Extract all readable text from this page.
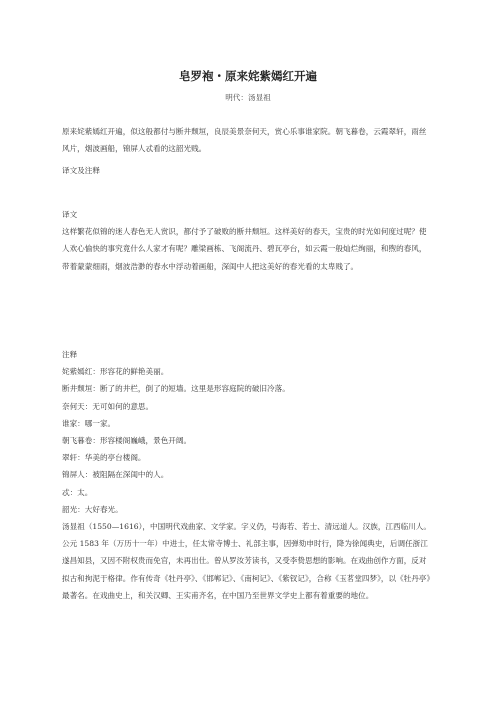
皂罗袍・原来姹紫嫣红开遍
明代：汤显祖

原来姹紫嫣红开遍，似这般都付与断井颓垣，良辰美景奈何天，赏心乐事谁家院。朝飞暮卷，云霞翠轩，雨丝风片，烟波画船，锦屏人忒看的这韶光贱。

译文及注释

译文

这样繁花似锦的迷人春色无人赏识，都付予了破败的断井颓垣。这样美好的春天，宝贵的时光如何度过呢？使人欢心愉快的事究竟什么人家才有呢？雕梁画栋、飞阁流丹、碧瓦亭台，如云霞一般灿烂绚丽，和煦的春风，带着蒙蒙细雨，烟波浩渺的春水中浮动着画船，深闺中人把这美好的春光看的太卑贱了。

注释

姹紫嫣红：形容花的鲜艳美丽。

断井颓垣：断了的井栏，倒了的短墙。这里是形容庭院的破旧冷落。

奈何天：无可如何的意思。

谁家：哪一家。

朝飞暮卷：形容楼阁巍峨，景色开阔。

翠轩：华美的亭台楼阁。

锦屏人：被阻隔在深闺中的人。

忒：太。

韶光：大好春光。

汤显祖（1550—1616），中国明代戏曲家、文学家。字义仍，号海若、若士、清远道人。汉族，江西临川人。公元 1583 年（万历十一年）中进士，任太常寺博士、礼部主事，因弹劾申时行，降为徐闻典史，后调任浙江遂昌知县，又因不附权贵而免官，未再出仕。曾从罗汝芳读书，又受李贽思想的影响。在戏曲创作方面，反对拟古和拘泥于格律。作有传奇《牡丹亭》、《邯郸记》、《南柯记》、《紫钗记》，合称《玉茗堂四梦》，以《牡丹亭》最著名。在戏曲史上，和关汉卿、王实甫齐名，在中国乃至世界文学史上都有着重要的地位。
